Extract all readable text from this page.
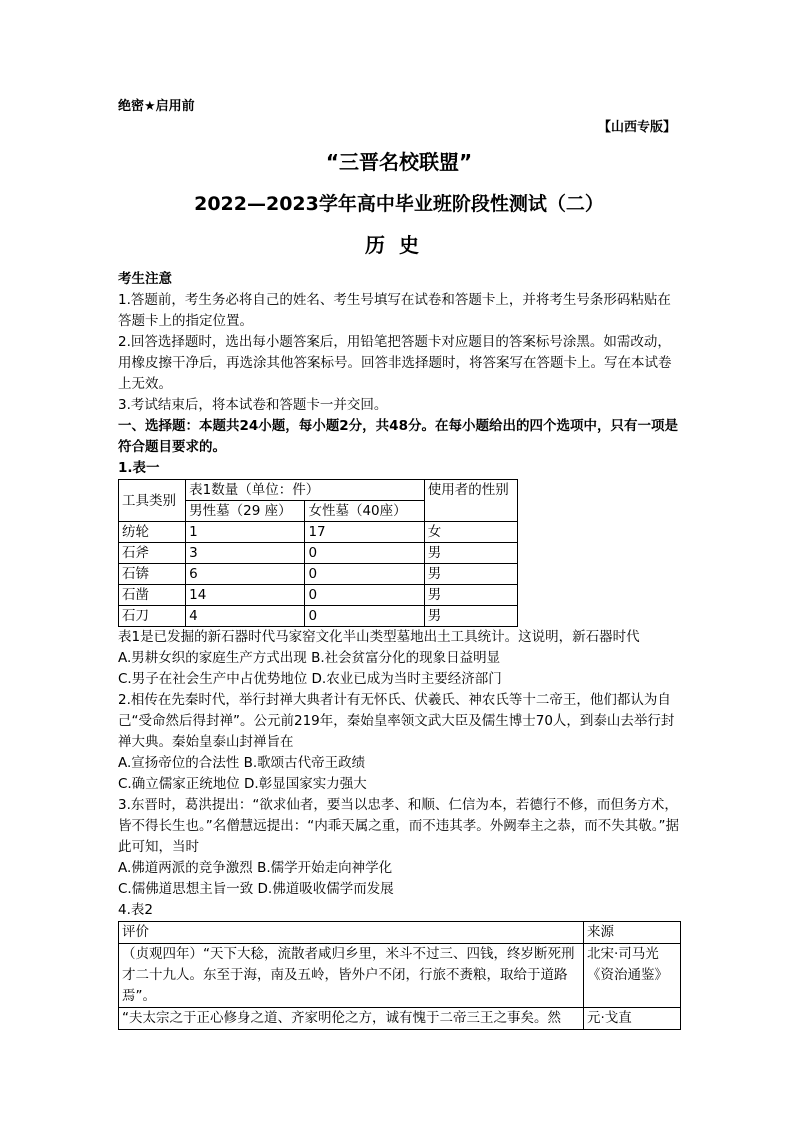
绝密★启用前
【山西专版】
“三晋名校联盟”
2022—2023学年高中毕业班阶段性测试（二）
历史
考生注意

1.答题前，考生务必将自己的姓名、考生号填写在试卷和答题卡上，并将考生号条形码粘贴在答题卡上的指定位置。

2.回答选择题时，选出每小题答案后，用铅笔把答题卡对应题目的答案标号涂黑。如需改动，用橡皮擦干净后，再选涂其他答案标号。回答非选择题时，将答案写在答题卡上。写在本试卷上无效。

3.考试结束后，将本试卷和答题卡一并交回。

一、选择题：本题共24小题，每小题2分，共48分。在每小题给出的四个选项中，只有一项是符合题目要求的。

1.表一

工具类别	表1数量（单位：件）		使用者的性别
	男性墓（29 座）	女性墓（40座）	
纺轮	1	17	女
石斧	3	0	男
石锛	6	0	男
石凿	14	0	男
石刀	4	0	男

表1是已发掘的新石器时代马家窑文化半山类型墓地出土工具统计。这说明，新石器时代

A.男耕女织的家庭生产方式出现 B.社会贫富分化的现象日益明显

C.男子在社会生产中占优势地位 D.农业已成为当时主要经济部门

2.相传在先秦时代，举行封禅大典者计有无怀氏、伏羲氏、神农氏等十二帝王，他们都认为自己“受命然后得封禅”。公元前219年，秦始皇率领文武大臣及儒生博士70人，到泰山去举行封禅大典。秦始皇泰山封禅旨在

A.宣扬帝位的合法性 B.歌颂古代帝王政绩

C.确立儒家正统地位 D.彰显国家实力强大

3.东晋时，葛洪提出：“欲求仙者，要当以忠孝、和顺、仁信为本，若德行不修，而但务方术，皆不得长生也。”名僧慧远提出：“内乖天属之重，而不违其孝。外阙奉主之恭，而不失其敬。”据此可知，当时

A.佛道两派的竞争激烈 B.儒学开始走向神学化

C.儒佛道思想主旨一致 D.佛道吸收儒学而发展

4.表2

评价	来源
（贞观四年）“天下大稔，流散者咸归乡里，米斗不过三、四钱，终岁断死刑才二十九人。东至于海，南及五岭，皆外户不闭，行旅不赉粮，取给于道路焉”。	北宋·司马光《资治通鉴》
“夫太宗之于正心修身之道、齐家明伦之方，诚有愧于二帝三王之事矣。然	元·戈直
